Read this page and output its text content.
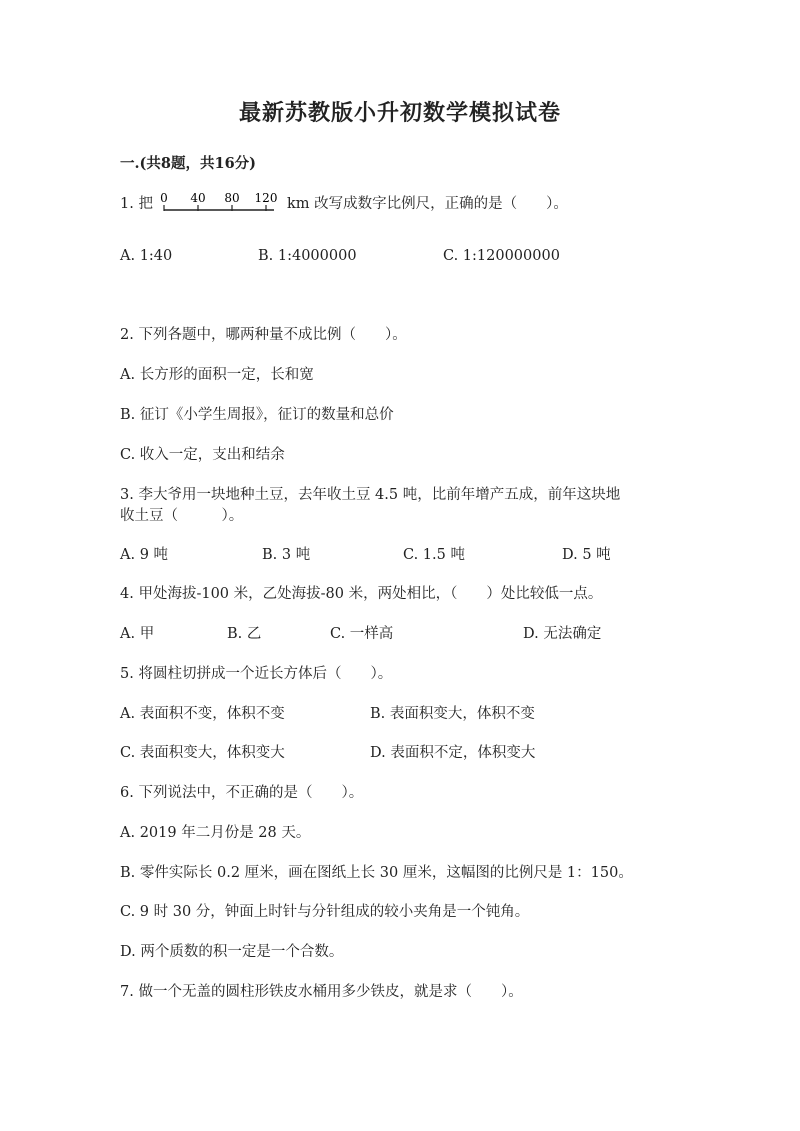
最新苏教版小升初数学模拟试卷
一.(共8题，共16分)
1. 把 0 40 80 120 km 改写成数字比例尺，正确的是（　　）。
A. 1:40	B. 1:4000000	C. 1:120000000
2. 下列各题中，哪两种量不成比例（　　）。
A. 长方形的面积一定，长和宽
B. 征订《小学生周报》，征订的数量和总价
C. 收入一定，支出和结余
3. 李大爷用一块地种土豆，去年收土豆 4.5 吨，比前年增产五成，前年这块地
收土豆（　　　）。
A. 9 吨	B. 3 吨	C. 1.5 吨	D. 5 吨
4. 甲处海拔-100 米，乙处海拔-80 米，两处相比，（　　）处比较低一点。
A. 甲	B. 乙	C. 一样高	D. 无法确定
5. 将圆柱切拼成一个近长方体后（　　）。
A. 表面积不变，体积不变	B. 表面积变大，体积不变
C. 表面积变大，体积变大	D. 表面积不定，体积变大
6. 下列说法中，不正确的是（　　）。
A. 2019 年二月份是 28 天。
B. 零件实际长 0.2 厘米，画在图纸上长 30 厘米，这幅图的比例尺是 1：150。
C. 9 时 30 分，钟面上时针与分针组成的较小夹角是一个钝角。
D. 两个质数的积一定是一个合数。
7. 做一个无盖的圆柱形铁皮水桶用多少铁皮，就是求（　　）。
